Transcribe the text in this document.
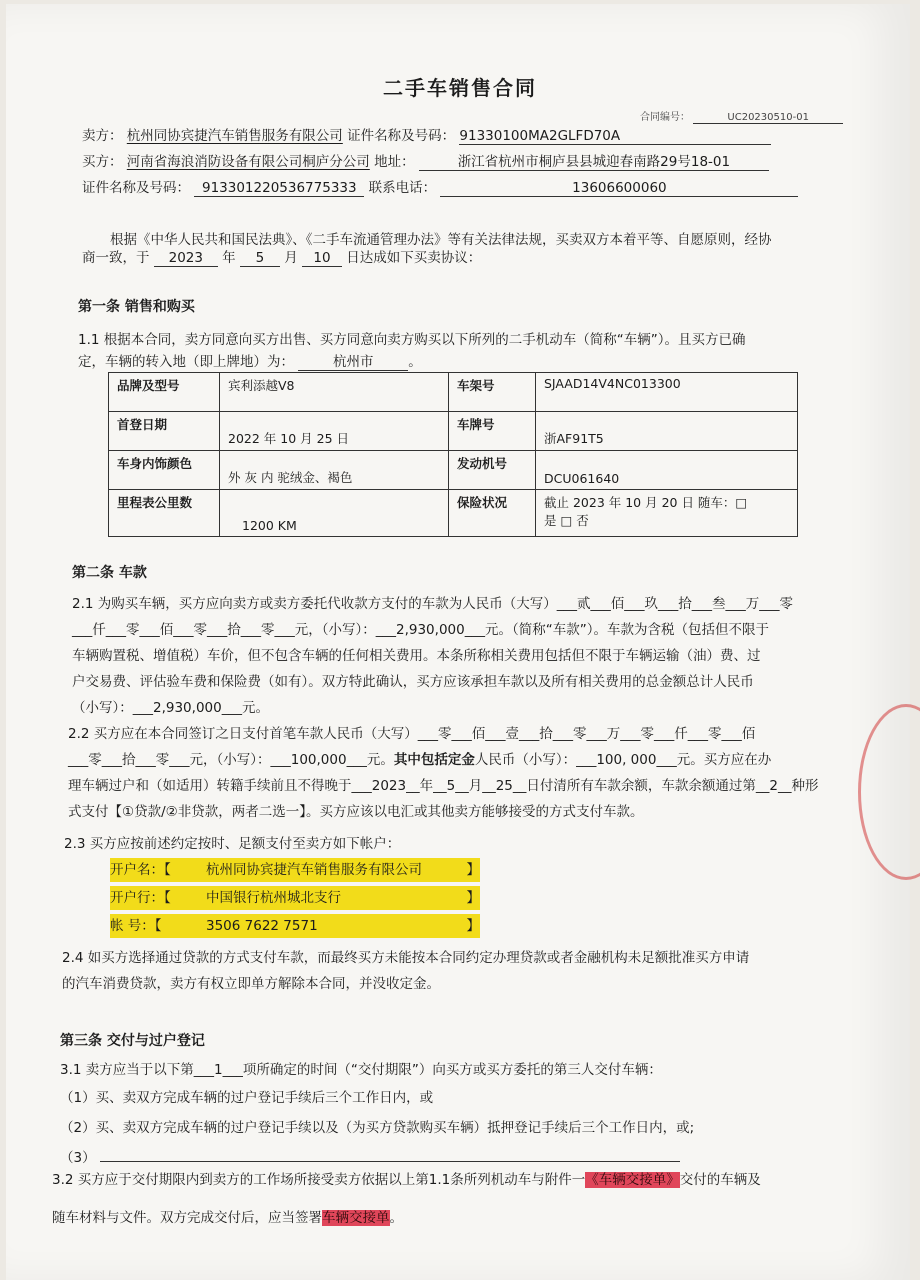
二手车销售合同
合同编号：	UC20230510-01
卖方： 杭州同协宾捷汽车销售服务有限公司 证件名称及号码： 91330100MA2GLFD70A
买方： 河南省海浪消防设备有限公司桐庐分公司 地址：	浙江省杭州市桐庐县县城迎春南路29号18-01
证件名称及号码： 913301220536775333 联系电话：	13606600060
根据《中华人民共和国民法典》、《二手车流通管理办法》等有关法律法规，买卖双方本着平等、自愿原则，经协
商一致，于 2023 年 5 月 10 日达成如下买卖协议：
第一条 销售和购买
1.1 根据本合同，卖方同意向买方出售、买方同意向卖方购买以下所列的二手机动车（简称“车辆”）。且买方已确
定，车辆的转入地（即上牌地）为：	杭州市	。
品牌及型号	宾利添越V8	车架号	SJAAD14V4NC013300
首登日期	2022 年 10 月 25 日	车牌号	浙AF91T5
车身内饰颜色	外 灰 内 驼绒金、褐色	发动机号	DCU061640
里程表公里数	1200 KM	保险状况	截止 2023 年 10 月 20 日 随车：□
是 □ 否
第二条 车款
2.1 为购买车辆，买方应向卖方或卖方委托代收款方支付的车款为人民币（大写）___贰___佰___玖___拾___叁___万___零
___仟___零___佰___零___拾___零___元，（小写）：___2,930,000___元。（简称“车款”）。车款为含税（包括但不限于
车辆购置税、增值税）车价，但不包含车辆的任何相关费用。本条所称相关费用包括但不限于车辆运输（油）费、过
户交易费、评估验车费和保险费（如有）。双方特此确认，买方应该承担车款以及所有相关费用的总金额总计人民币
（小写）：___2,930,000___元。
2.2 买方应在本合同签订之日支付首笔车款人民币（大写）___零___佰___壹___拾___零___万___零___仟___零___佰
___零___拾___零___元，（小写）：___100,000___元。其中包括定金人民币（小写）：___100, 000___元。买方应在办
理车辆过户和（如适用）转籍手续前且不得晚于___2023__年__5__月__25__日付清所有车款余额，车款余额通过第__2__种形
式支付【①贷款/②非贷款，两者二选一】。买方应该以电汇或其他卖方能够接受的方式支付车款。
2.3 买方应按前述约定按时、足额支付至卖方如下帐户：
开户名：【	杭州同协宾捷汽车销售服务有限公司	】
开户行：【	中国银行杭州城北支行	】
帐 号：【	3506 7622 7571	】
2.4 如买方选择通过贷款的方式支付车款，而最终买方未能按本合同约定办理贷款或者金融机构未足额批准买方申请
的汽车消费贷款，卖方有权立即单方解除本合同，并没收定金。
第三条 交付与过户登记
3.1 卖方应当于以下第___1___项所确定的时间（“交付期限”）向买方或买方委托的第三人交付车辆：
（1）买、卖双方完成车辆的过户登记手续后三个工作日内，或
（2）买、卖双方完成车辆的过户登记手续以及（为买方贷款购买车辆）抵押登记手续后三个工作日内，或;
（3）
3.2 买方应于交付期限内到卖方的工作场所接受卖方依据以上第1.1条所列机动车与附件一《车辆交接单》交付的车辆及
随车材料与文件。双方完成交付后，应当签署车辆交接单。
